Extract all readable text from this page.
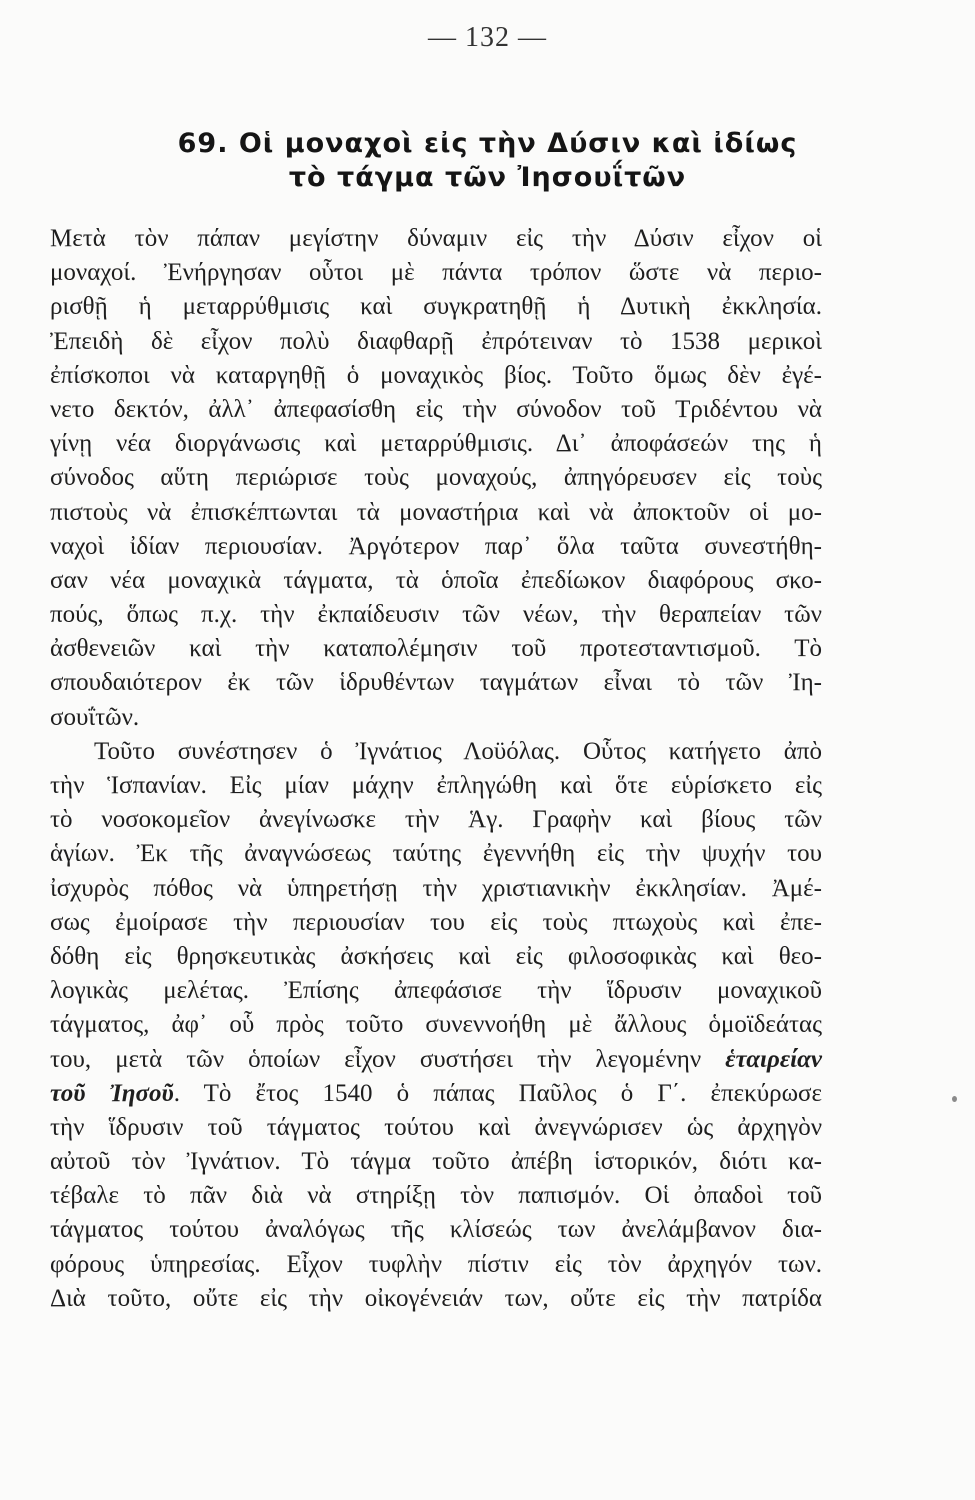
— 132 —
69. Οἱ μοναχοὶ εἰς τὴν Δύσιν καὶ ἰδίως
τὸ τάγμα τῶν Ἰησουΐτῶν
Μετὰ τὸν πάπαν μεγίστην δύναμιν εἰς τὴν Δύσιν εἶχον οἱ
μοναχοί. Ἐνήργησαν οὗτοι μὲ πάντα τρόπον ὥστε νὰ περιο-
ρισθῇ ἡ μεταρρύθμισις καὶ συγκρατηθῇ ἡ Δυτικὴ ἐκκλησία.
Ἐπειδὴ δὲ εἶχον πολὺ διαφθαρῇ ἐπρότειναν τὸ 1538 μερικοὶ
ἐπίσκοποι νὰ καταργηθῇ ὁ μοναχικὸς βίος. Τοῦτο ὅμως δὲν ἐγέ-
νετο δεκτόν, ἀλλ᾽ ἀπεφασίσθη εἰς τὴν σύνοδον τοῦ Τριδέντου νὰ
γίνῃ νέα διοργάνωσις καὶ μεταρρύθμισις. Δι᾽ ἀποφάσεών της ἡ
σύνοδος αὕτη περιώρισε τοὺς μοναχούς, ἀπηγόρευσεν εἰς τοὺς
πιστοὺς νὰ ἐπισκέπτωνται τὰ μοναστήρια καὶ νὰ ἀποκτοῦν οἱ μο-
ναχοὶ ἰδίαν περιουσίαν. Ἀργότερον παρ᾽ ὅλα ταῦτα συνεστήθη-
σαν νέα μοναχικὰ τάγματα, τὰ ὁποῖα ἐπεδίωκον διαφόρους σκο-
πούς, ὅπως π.χ. τὴν ἐκπαίδευσιν τῶν νέων, τὴν θεραπείαν τῶν
ἀσθενειῶν καὶ τὴν καταπολέμησιν τοῦ προτεσταντισμοῦ. Τὸ
σπουδαιότερον ἐκ τῶν ἱδρυθέντων ταγμάτων εἶναι τὸ τῶν Ἰη-
σουΐτῶν.
Τοῦτο συνέστησεν ὁ Ἰγνάτιος Λοϋόλας. Οὗτος κατήγετο ἀπὸ
τὴν Ἱσπανίαν. Εἰς μίαν μάχην ἐπληγώθη καὶ ὅτε εὑρίσκετο εἰς
τὸ νοσοκομεῖον ἀνεγίνωσκε τὴν Ἁγ. Γραφὴν καὶ βίους τῶν
ἁγίων. Ἐκ τῆς ἀναγνώσεως ταύτης ἐγεννήθη εἰς τὴν ψυχήν του
ἰσχυρὸς πόθος νὰ ὑπηρετήσῃ τὴν χριστιανικὴν ἐκκλησίαν. Ἀμέ-
σως ἐμοίρασε τὴν περιουσίαν του εἰς τοὺς πτωχοὺς καὶ ἐπε-
δόθη εἰς θρησκευτικὰς ἀσκήσεις καὶ εἰς φιλοσοφικὰς καὶ θεο-
λογικὰς μελέτας. Ἐπίσης ἀπεφάσισε τὴν ἵδρυσιν μοναχικοῦ
τάγματος, ἀφ᾽ οὗ πρὸς τοῦτο συνεννοήθη μὲ ἄλλους ὁμοϊδεάτας
του, μετὰ τῶν ὁποίων εἶχον συστήσει τὴν λεγομένην ἑταιρείαν
τοῦ Ἰησοῦ. Τὸ ἔτος 1540 ὁ πάπας Παῦλος ὁ Γ΄. ἐπεκύρωσε
τὴν ἵδρυσιν τοῦ τάγματος τούτου καὶ ἀνεγνώρισεν ὡς ἀρχηγὸν
αὐτοῦ τὸν Ἰγνάτιον. Τὸ τάγμα τοῦτο ἀπέβη ἱστορικόν, διότι κα-
τέβαλε τὸ πᾶν διὰ νὰ στηρίξῃ τὸν παπισμόν. Οἱ ὀπαδοὶ τοῦ
τάγματος τούτου ἀναλόγως τῆς κλίσεώς των ἀνελάμβανον δια-
φόρους ὑπηρεσίας. Εἶχον τυφλὴν πίστιν εἰς τὸν ἀρχηγόν των.
Διὰ τοῦτο, οὔτε εἰς τὴν οἰκογένειάν των, οὔτε εἰς τὴν πατρίδα
